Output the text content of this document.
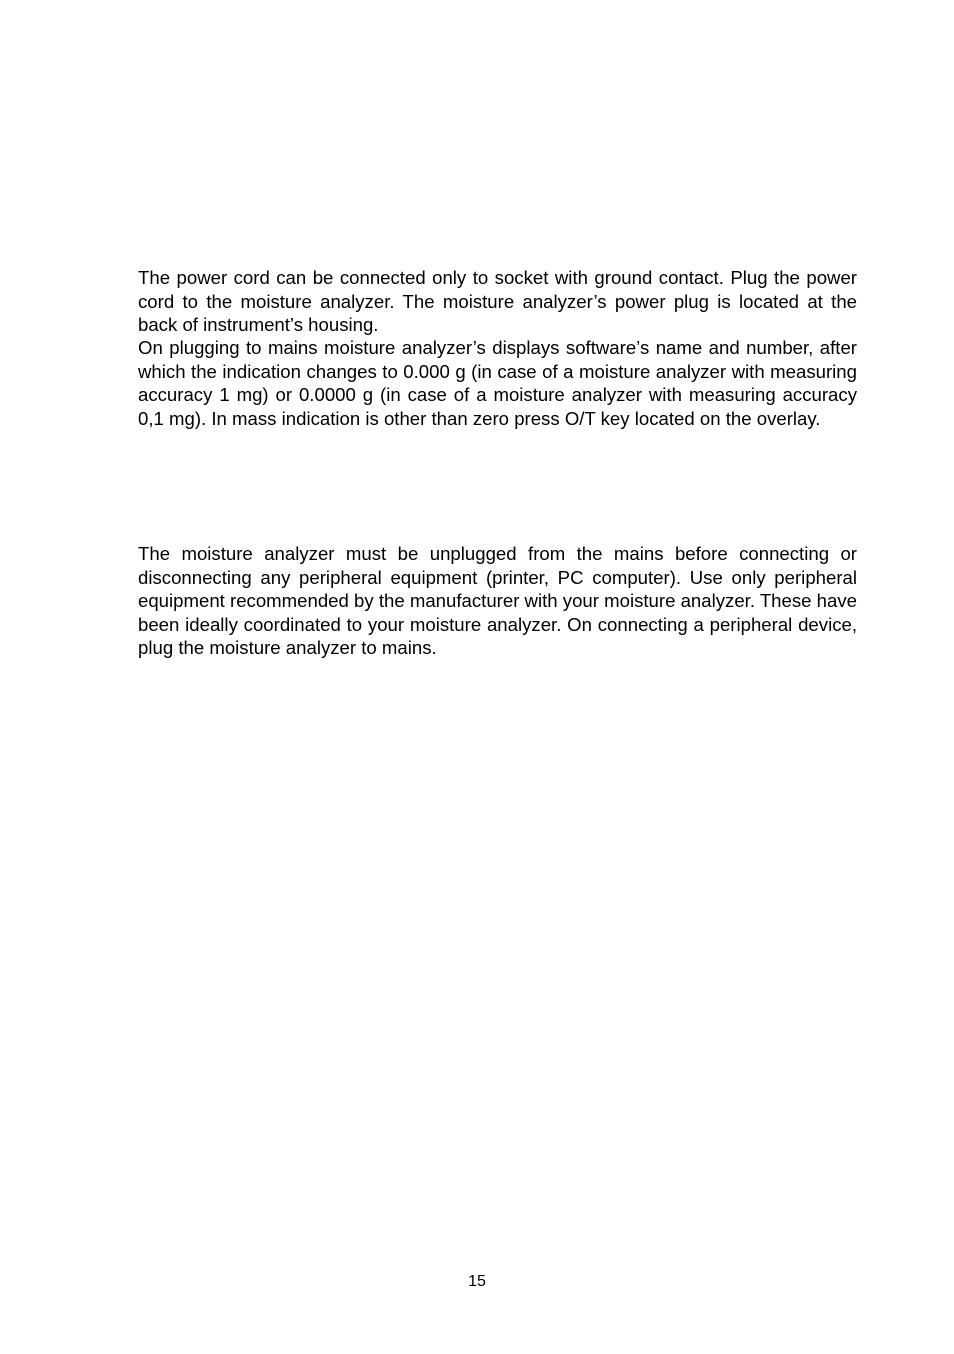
The power cord can be connected only to socket with ground contact. Plug the power cord to the moisture analyzer. The moisture analyzer’s power plug is located at the back of instrument’s housing.

On plugging to mains moisture analyzer’s displays software’s name and number, after which the indication changes to 0.000 g (in case of a moisture analyzer with measuring accuracy 1 mg) or 0.0000 g (in case of a moisture analyzer with measuring accuracy 0,1 mg). In mass indication is other than zero press O/T key located on the overlay.

The moisture analyzer must be unplugged from the mains before connecting or disconnecting any peripheral equipment (printer, PC computer). Use only peripheral equipment recommended by the manufacturer with your moisture analyzer. These have been ideally coordinated to your moisture analyzer. On connecting a peripheral device, plug the moisture analyzer to mains.

15
